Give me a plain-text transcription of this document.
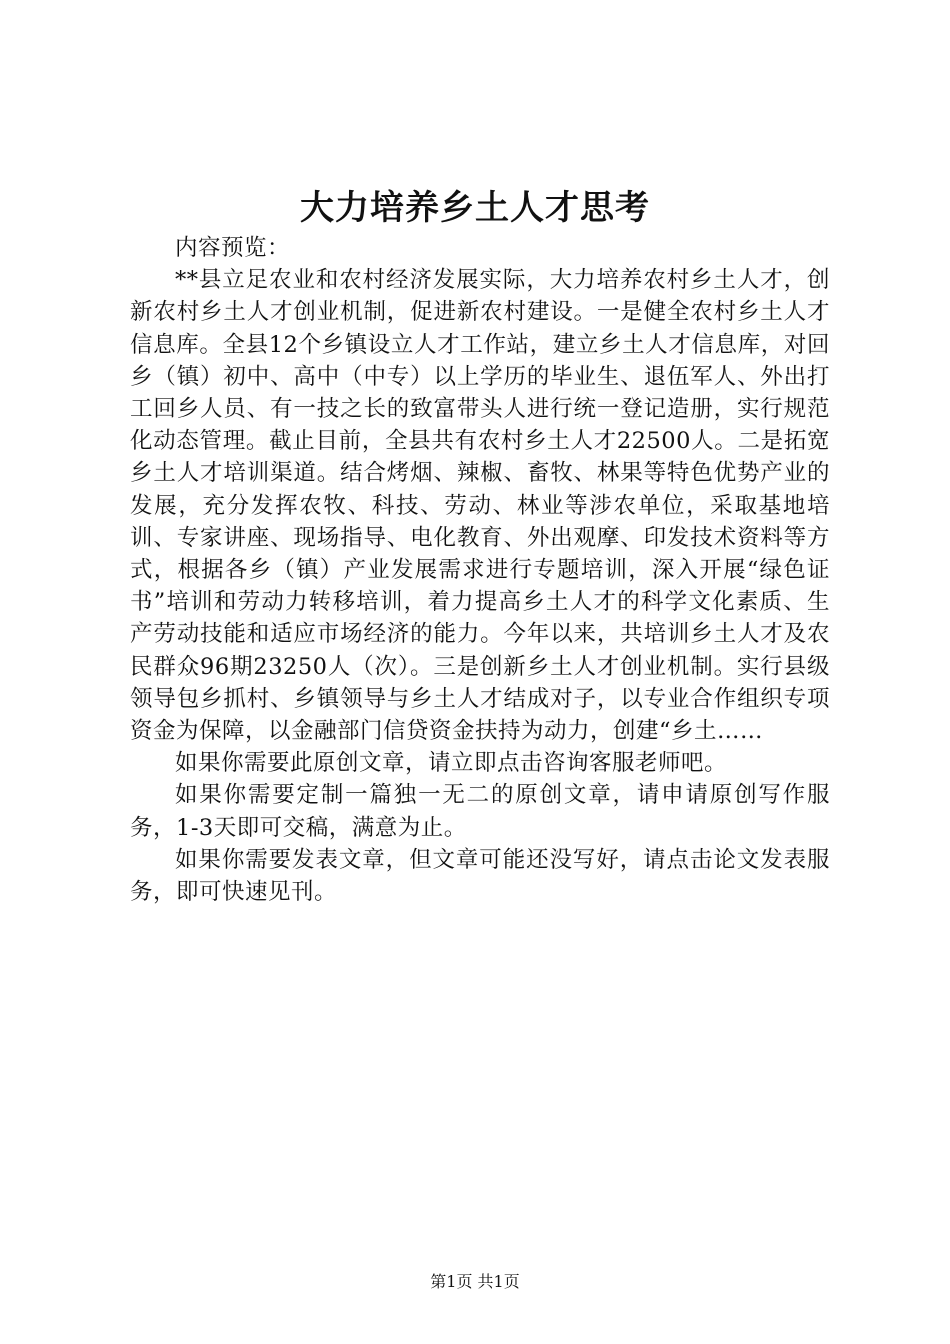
大力培养乡土人才思考

内容预览：

**县立足农业和农村经济发展实际，大力培养农村乡土人才，创新农村乡土人才创业机制，促进新农村建设。一是健全农村乡土人才信息库。全县12个乡镇设立人才工作站，建立乡土人才信息库，对回乡（镇）初中、高中（中专）以上学历的毕业生、退伍军人、外出打工回乡人员、有一技之长的致富带头人进行统一登记造册，实行规范化动态管理。截止目前，全县共有农村乡土人才22500人。二是拓宽乡土人才培训渠道。结合烤烟、辣椒、畜牧、林果等特色优势产业的发展，充分发挥农牧、科技、劳动、林业等涉农单位，采取基地培训、专家讲座、现场指导、电化教育、外出观摩、印发技术资料等方式，根据各乡（镇）产业发展需求进行专题培训，深入开展“绿色证书”培训和劳动力转移培训，着力提高乡土人才的科学文化素质、生产劳动技能和适应市场经济的能力。今年以来，共培训乡土人才及农民群众96期23250人（次）。三是创新乡土人才创业机制。实行县级领导包乡抓村、乡镇领导与乡土人才结成对子，以专业合作组织专项资金为保障，以金融部门信贷资金扶持为动力，创建“乡土……

如果你需要此原创文章，请立即点击咨询客服老师吧。

如果你需要定制一篇独一无二的原创文章，请申请原创写作服务，1-3天即可交稿，满意为止。

如果你需要发表文章，但文章可能还没写好，请点击论文发表服务，即可快速见刊。

第1页 共1页
